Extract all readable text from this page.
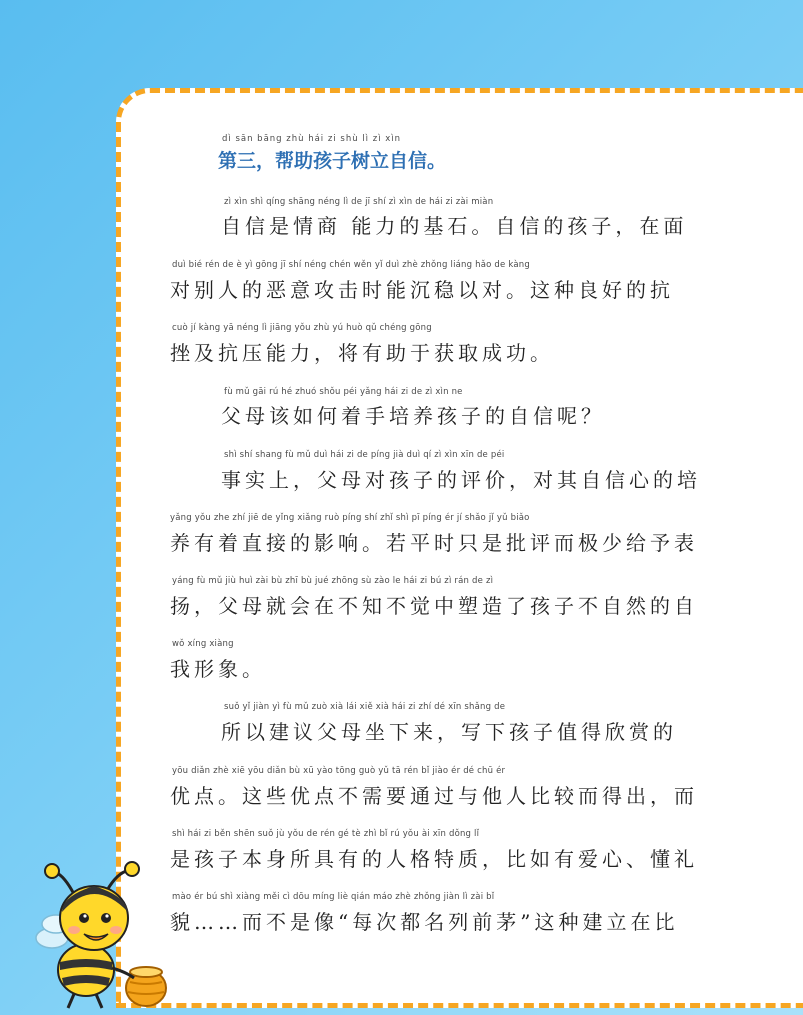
dì sān bāng zhù hái zi shù lì zì xìn
第三，帮助孩子树立自信。
zì xìn shì qíng shāng néng lì de jī shí zì xìn de hái zi zài miàn
自信是情商 能力的基石。自信的孩子，在面
duì bié rén de è yì gōng jī shí néng chén wěn yǐ duì zhè zhǒng liáng hǎo de kàng
对别人的恶意攻击时能沉稳以对。这种良好的抗
cuò jí kàng yā néng lì jiāng yǒu zhù yú huò qǔ chéng gōng
挫及抗压能力，将有助于获取成功。
fù mǔ gāi rú hé zhuó shǒu péi yǎng hái zi de zì xìn ne
父母该如何着手培养孩子的自信呢？
shì shí shang fù mǔ duì hái zi de píng jià duì qí zì xìn xīn de péi
事实上，父母对孩子的评价，对其自信心的培
yǎng yǒu zhe zhí jiē de yǐng xiǎng ruò píng shí zhǐ shì pī píng ér jí shǎo jǐ yǔ biǎo
养有着直接的影响。若平时只是批评而极少给予表
yáng fù mǔ jiù huì zài bù zhī bù jué zhōng sù zào le hái zi bú zì rán de zì
扬，父母就会在不知不觉中塑造了孩子不自然的自
wǒ xíng xiàng
我形象。
suǒ yǐ jiàn yì fù mǔ zuò xià lái xiě xià hái zi zhí dé xīn shǎng de
所以建议父母坐下来，写下孩子值得欣赏的
yōu diǎn zhè xiē yōu diǎn bù xū yào tōng guò yǔ tā rén bǐ jiào ér dé chū ér
优点。这些优点不需要通过与他人比较而得出，而
shì hái zi běn shēn suǒ jù yǒu de rén gé tè zhì bǐ rú yǒu ài xīn dǒng lǐ
是孩子本身所具有的人格特质，比如有爱心、懂礼
mào ér bú shì xiàng měi cì dōu míng liè qián máo zhè zhǒng jiàn lì zài bǐ
貌……而不是像“每次都名列前茅”这种建立在比
